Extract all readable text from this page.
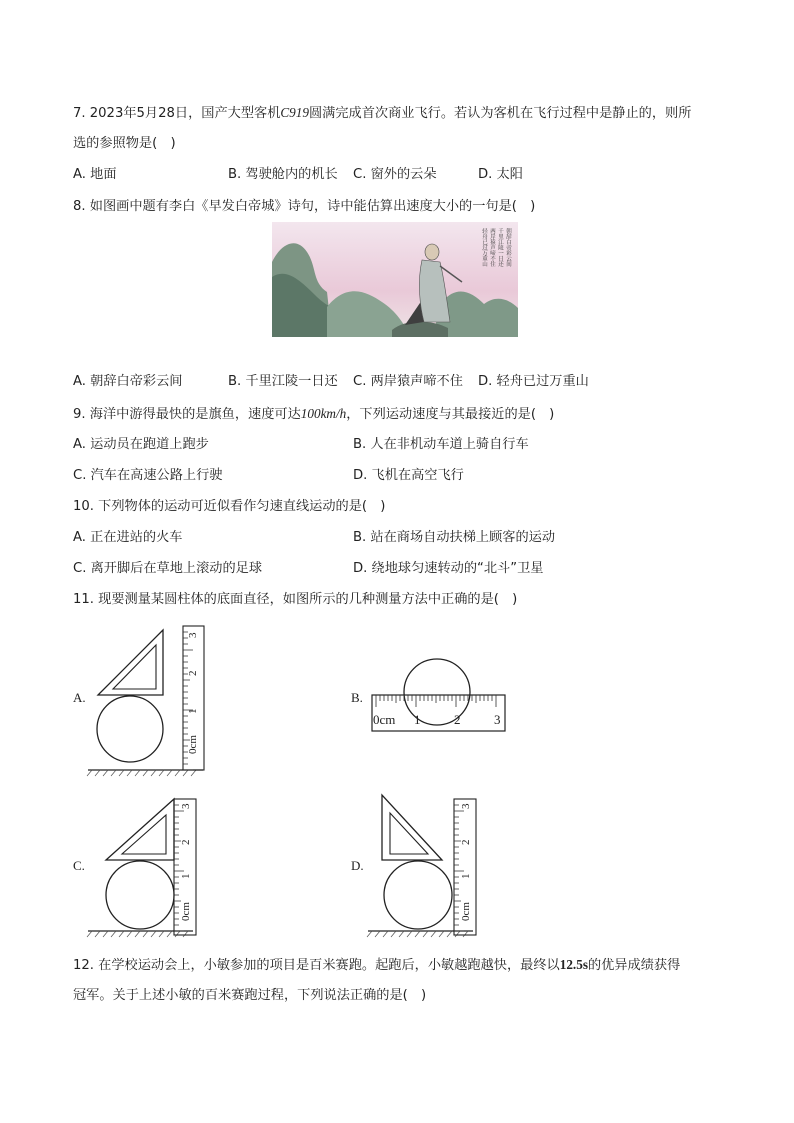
7. 2023年5月28日，国产大型客机C919圆满完成首次商业飞行。若认为客机在飞行过程中是静止的，则所
选的参照物是(　)
A. 地面	B. 驾驶舱内的机长 C. 窗外的云朵	D. 太阳
8. 如图画中题有李白《早发白帝城》诗句，诗中能估算出速度大小的一句是(　)
朝辞白帝彩云间
千里江陵一日还
两岸猿声啼不住
轻舟已过万重山
A. 朝辞白帝彩云间	B. 千里江陵一日还 C. 两岸猿声啼不住 D. 轻舟已过万重山
9. 海洋中游得最快的是旗鱼，速度可达100km/h，下列运动速度与其最接近的是(　)
A. 运动员在跑道上跑步	B. 人在非机动车道上骑自行车
C. 汽车在高速公路上行驶	D. 飞机在高空飞行
10. 下列物体的运动可近似看作匀速直线运动的是(　)
A. 正在进站的火车	B. 站在商场自动扶梯上顾客的运动
C. 离开脚后在草地上滚动的足球	D. 绕地球匀速转动的“北斗”卫星
11. 现要测量某圆柱体的底面直径，如图所示的几种测量方法中正确的是(　)
A.
0cm
1
2
3
B.
0cm 1	2	3
C.
0cm
1
2
3
D.
0cm
1
2
3
12. 在学校运动会上，小敏参加的项目是百米赛跑。起跑后，小敏越跑越快，最终以12.5s的优异成绩获得
冠军。关于上述小敏的百米赛跑过程，下列说法正确的是(　)
